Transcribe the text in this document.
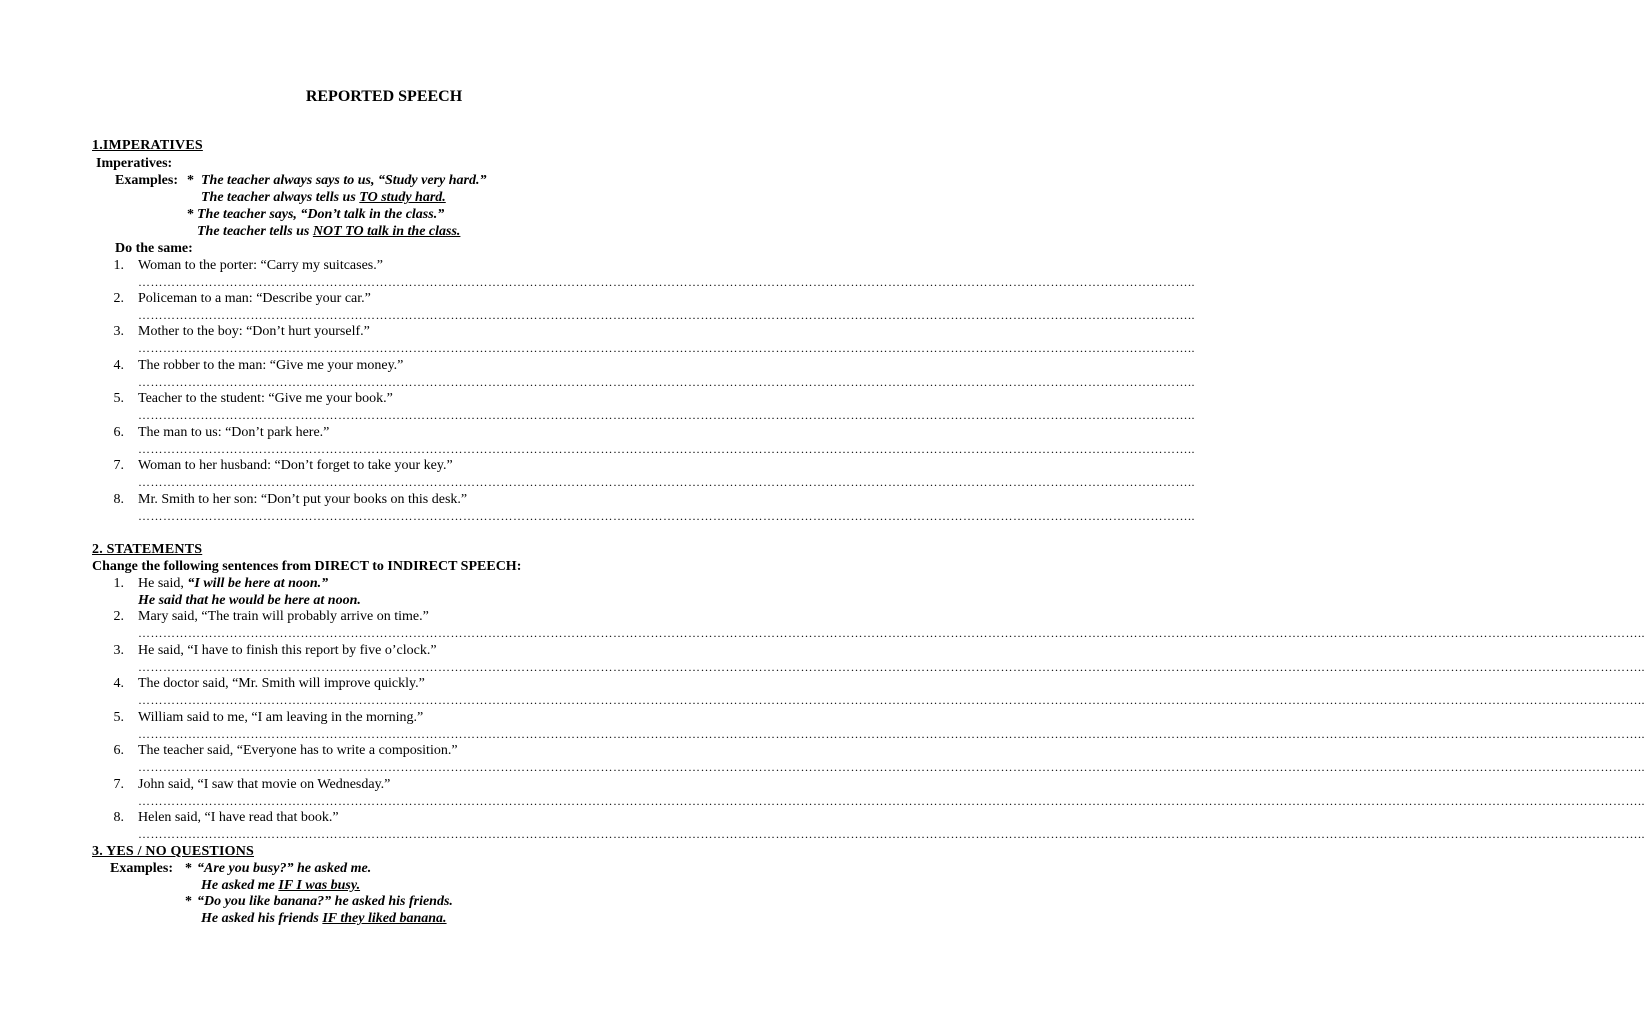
REPORTED SPEECH
1.IMPERATIVES
Imperatives:
Examples: * The teacher always says to us, “Study very hard.”
The teacher always tells us TO study hard.
* The teacher says, “Don’t talk in the class.”
The teacher tells us NOT TO talk in the class.
Do the same:
1. Woman to the porter: “Carry my suitcases.”
………………………………………………………………………………………………………………………………………………………………………………………………………………………………..
2. Policeman to a man: “Describe your car.”
………………………………………………………………………………………………………………………………………………………………………………………………………………………………..
3. Mother to the boy: “Don’t hurt yourself.”
………………………………………………………………………………………………………………………………………………………………………………………………………………………………..
4. The robber to the man: “Give me your money.”
………………………………………………………………………………………………………………………………………………………………………………………………………………………………..
5. Teacher to the student: “Give me your book.”
………………………………………………………………………………………………………………………………………………………………………………………………………………………………..
6. The man to us: “Don’t park here.”
………………………………………………………………………………………………………………………………………………………………………………………………………………………………..
7. Woman to her husband: “Don’t forget to take your key.”
………………………………………………………………………………………………………………………………………………………………………………………………………………………………..
8. Mr. Smith to her son: “Don’t put your books on this desk.”
………………………………………………………………………………………………………………………………………………………………………………………………………………………………..
2. STATEMENTS
Change the following sentences from DIRECT to INDIRECT SPEECH:
1. He said, “I will be here at noon.”
He said that he would be here at noon.
2. Mary said, “The train will probably arrive on time.”
………………………………………………………………………………………………………………………………………………………………………………………………………………………………………………………………………………………………………………………………..
3. He said, “I have to finish this report by five o’clock.”
………………………………………………………………………………………………………………………………………………………………………………………………………………………………………………………………………………………………………………………………..
4. The doctor said, “Mr. Smith will improve quickly.”
………………………………………………………………………………………………………………………………………………………………………………………………………………………………………………………………………………………………………………………………..
5. William said to me, “I am leaving in the morning.”
………………………………………………………………………………………………………………………………………………………………………………………………………………………………………………………………………………………………………………………………..
6. The teacher said, “Everyone has to write a composition.”
………………………………………………………………………………………………………………………………………………………………………………………………………………………………………………………………………………………………………………………………..
7. John said, “I saw that movie on Wednesday.”
………………………………………………………………………………………………………………………………………………………………………………………………………………………………………………………………………………………………………………………………..
8. Helen said, “I have read that book.”
………………………………………………………………………………………………………………………………………………………………………………………………………………………………………………………………………………………………………………………………..
3. YES / NO QUESTIONS
Examples: * “Are you busy?” he asked me.
He asked me IF I was busy.
* “Do you like banana?” he asked his friends.
He asked his friends IF they liked banana.
